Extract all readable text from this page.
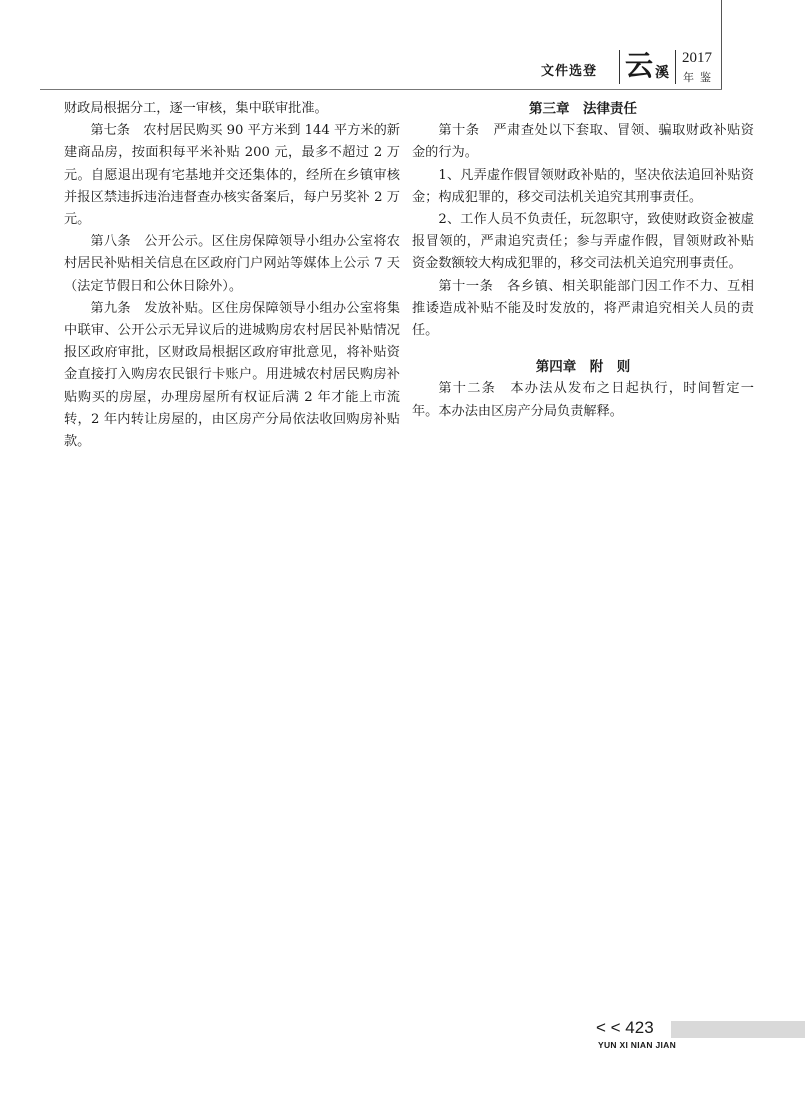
文件选登 云 溪
2017
年鉴

财政局根据分工，逐一审核，集中联审批准。

第七条　农村居民购买 90 平方米到 144 平方米的新建商品房，按面积每平米补贴 200 元，最多不超过 2 万元。自愿退出现有宅基地并交还集体的，经所在乡镇审核并报区禁违拆违治违督查办核实备案后，每户另奖补 2 万元。

第八条　公开公示。区住房保障领导小组办公室将农村居民补贴相关信息在区政府门户网站等媒体上公示 7 天（法定节假日和公休日除外）。

第九条　发放补贴。区住房保障领导小组办公室将集中联审、公开公示无异议后的进城购房农村居民补贴情况报区政府审批，区财政局根据区政府审批意见，将补贴资金直接打入购房农民银行卡账户。用进城农村居民购房补贴购买的房屋，办理房屋所有权证后满 2 年才能上市流转，2 年内转让房屋的，由区房产分局依法收回购房补贴款。

第三章　法律责任

第十条　严肃查处以下套取、冒领、骗取财政补贴资金的行为。

1、凡弄虚作假冒领财政补贴的，坚决依法追回补贴资金；构成犯罪的，移交司法机关追究其刑事责任。

2、工作人员不负责任，玩忽职守，致使财政资金被虚报冒领的，严肃追究责任；参与弄虚作假，冒领财政补贴资金数额较大构成犯罪的，移交司法机关追究刑事责任。

第十一条　各乡镇、相关职能部门因工作不力、互相推诿造成补贴不能及时发放的，将严肃追究相关人员的责任。

第四章　附　则

第十二条　本办法从发布之日起执行，时间暂定一年。本办法由区房产分局负责解释。

< < 423
YUN XI NIAN JIAN
